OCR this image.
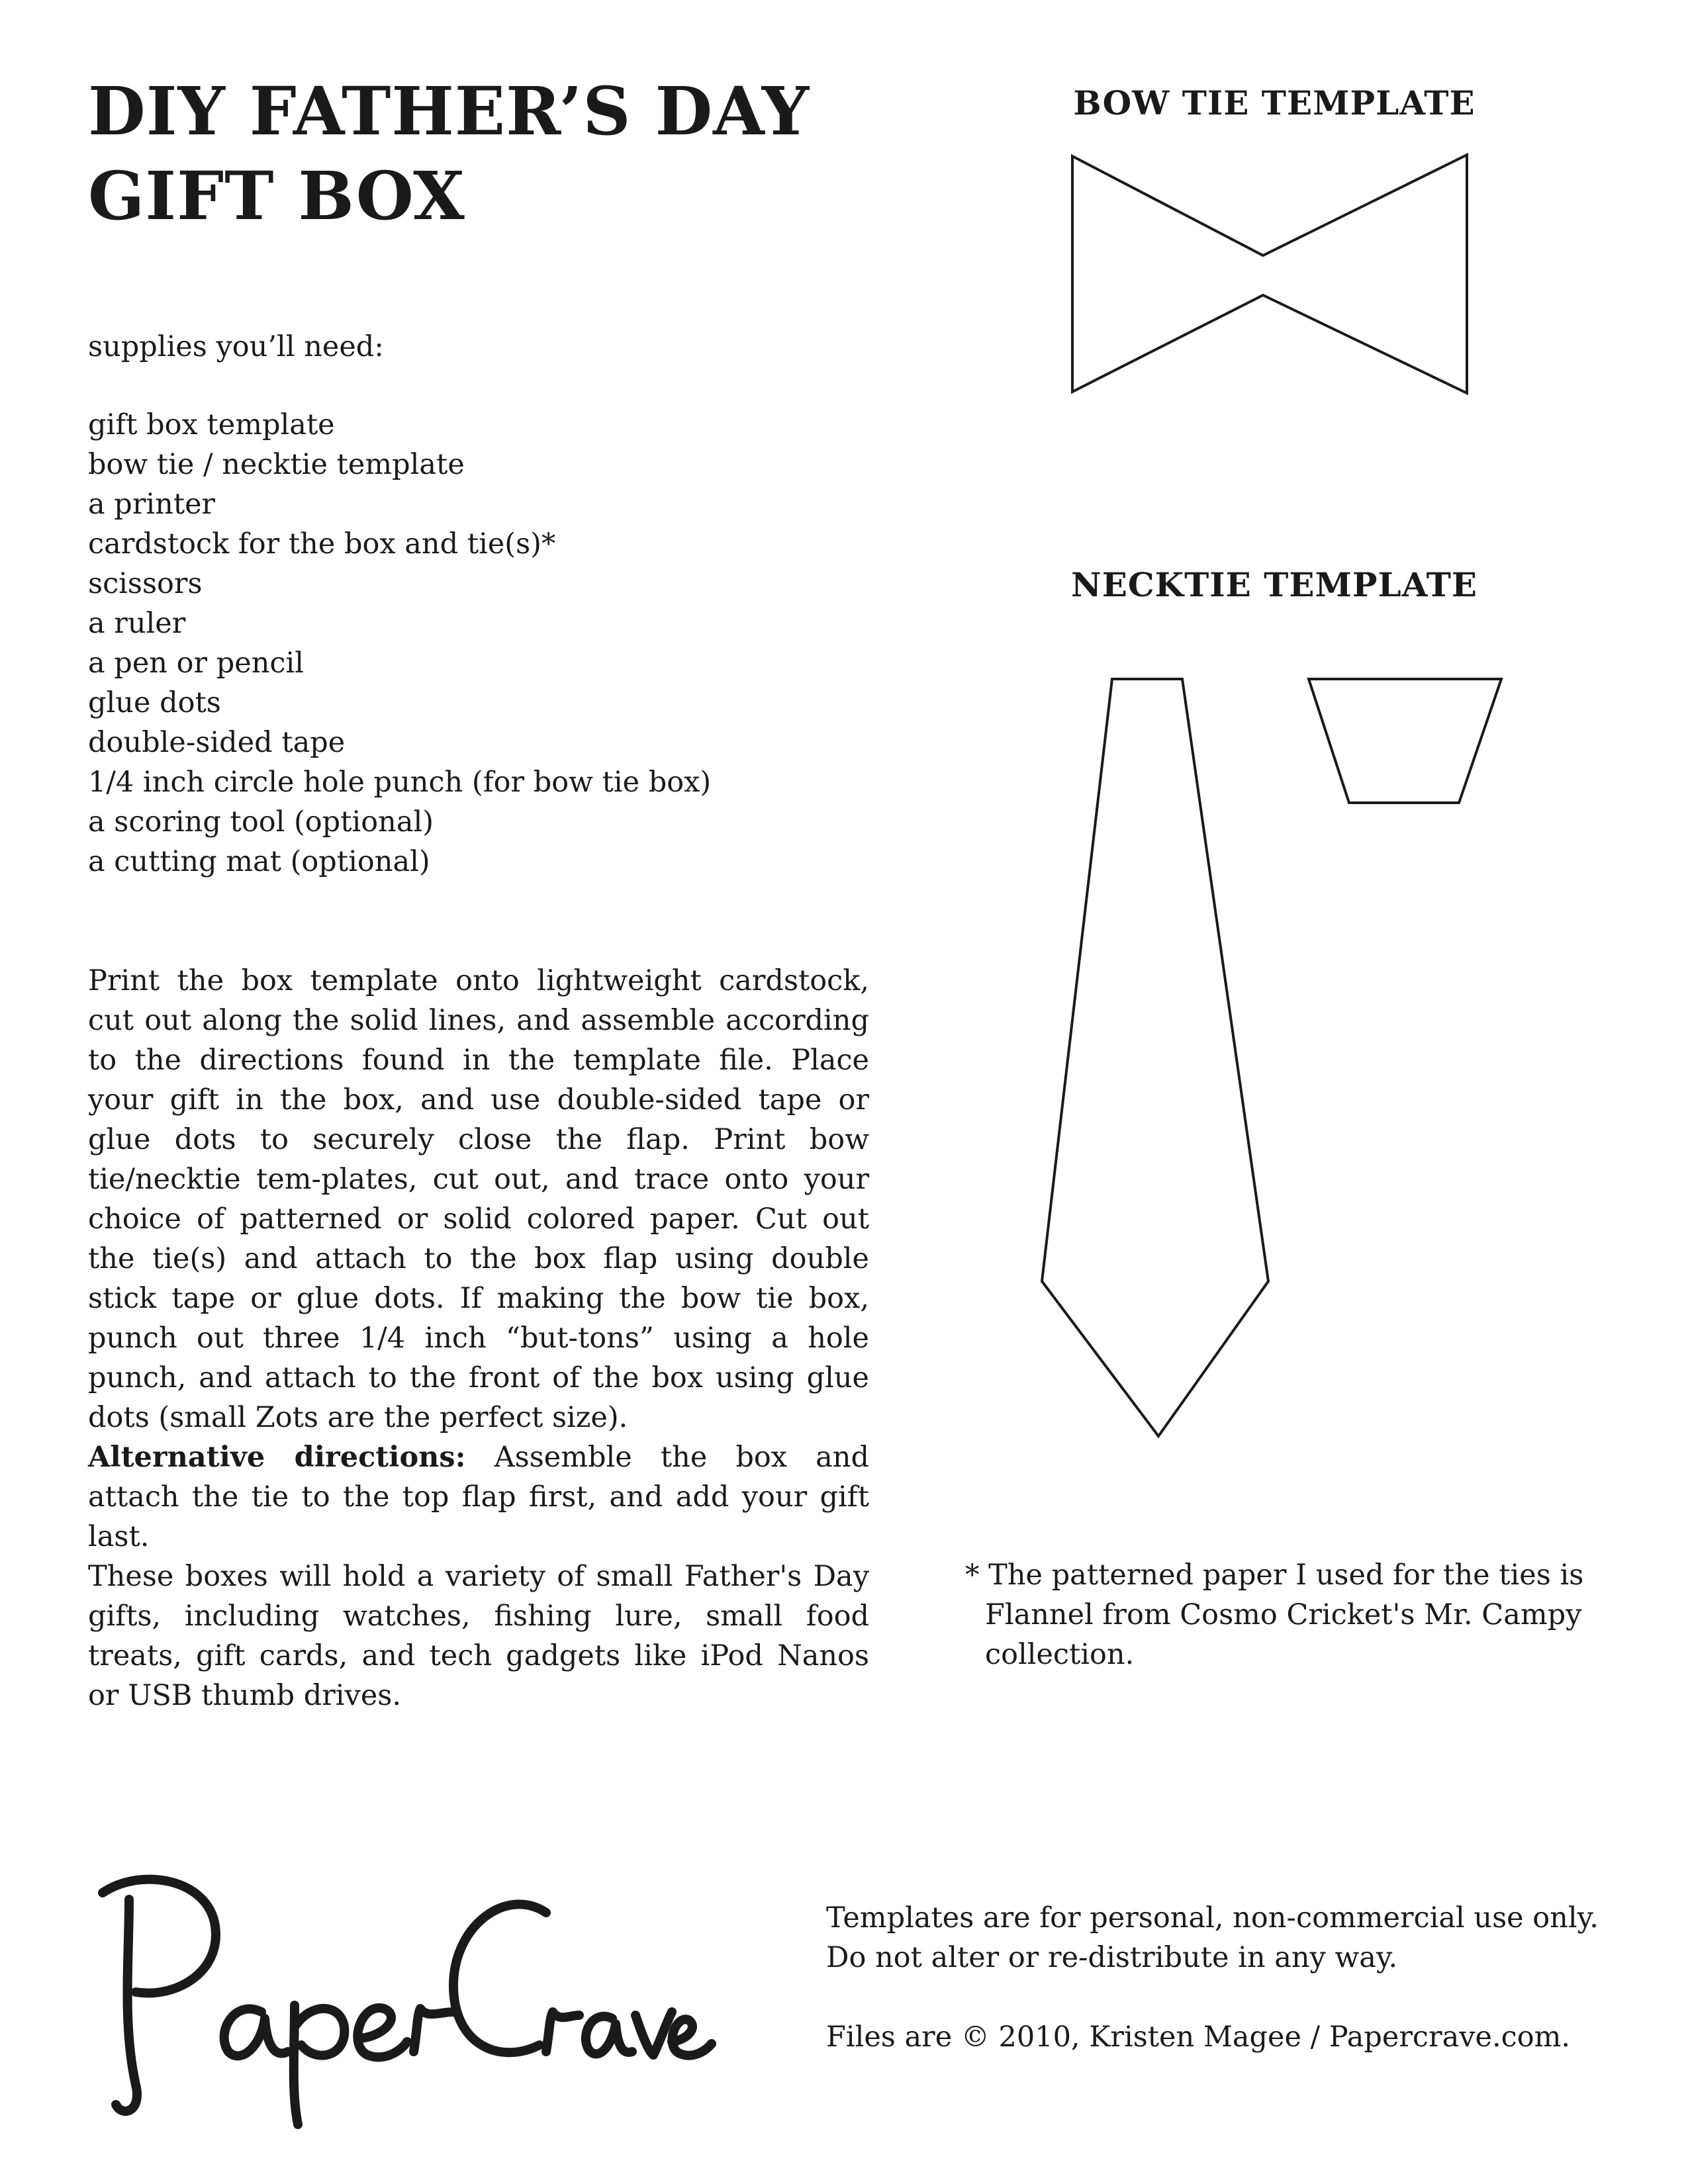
DIY FATHER’S DAY
GIFT BOX

supplies you’ll need:

gift box template
bow tie / necktie template
a printer
cardstock for the box and tie(s)*
scissors
a ruler
a pen or pencil
glue dots
double-sided tape
1/4 inch circle hole punch (for bow tie box)
a scoring tool (optional)
a cutting mat (optional)

Print the box template onto lightweight cardstock, cut out along the solid lines, and assemble according to the directions found in the template file. Place your gift in the box, and use double-sided tape or glue dots to securely close the flap. Print bow tie/necktie tem-plates, cut out, and trace onto your choice of patterned or solid colored paper. Cut out the tie(s) and attach to the box flap using double stick tape or glue dots. If making the bow tie box, punch out three 1/4 inch “but-tons” using a hole punch, and attach to the front of the box using glue dots (small Zots are the perfect size).

Alternative directions: Assemble the box and attach the tie to the top flap first, and add your gift last.

These boxes will hold a variety of small Father's Day gifts, including watches, fishing lure, small food treats, gift cards, and tech gadgets like iPod Nanos or USB thumb drives.

BOW TIE TEMPLATE
NECKTIE TEMPLATE

* The patterned paper I used for the ties is
Flannel from Cosmo Cricket's Mr. Campy
collection.

Templates are for personal, non-commercial use only.

Do not alter or re-distribute in any way.

Files are © 2010, Kristen Magee / Papercrave.com.
